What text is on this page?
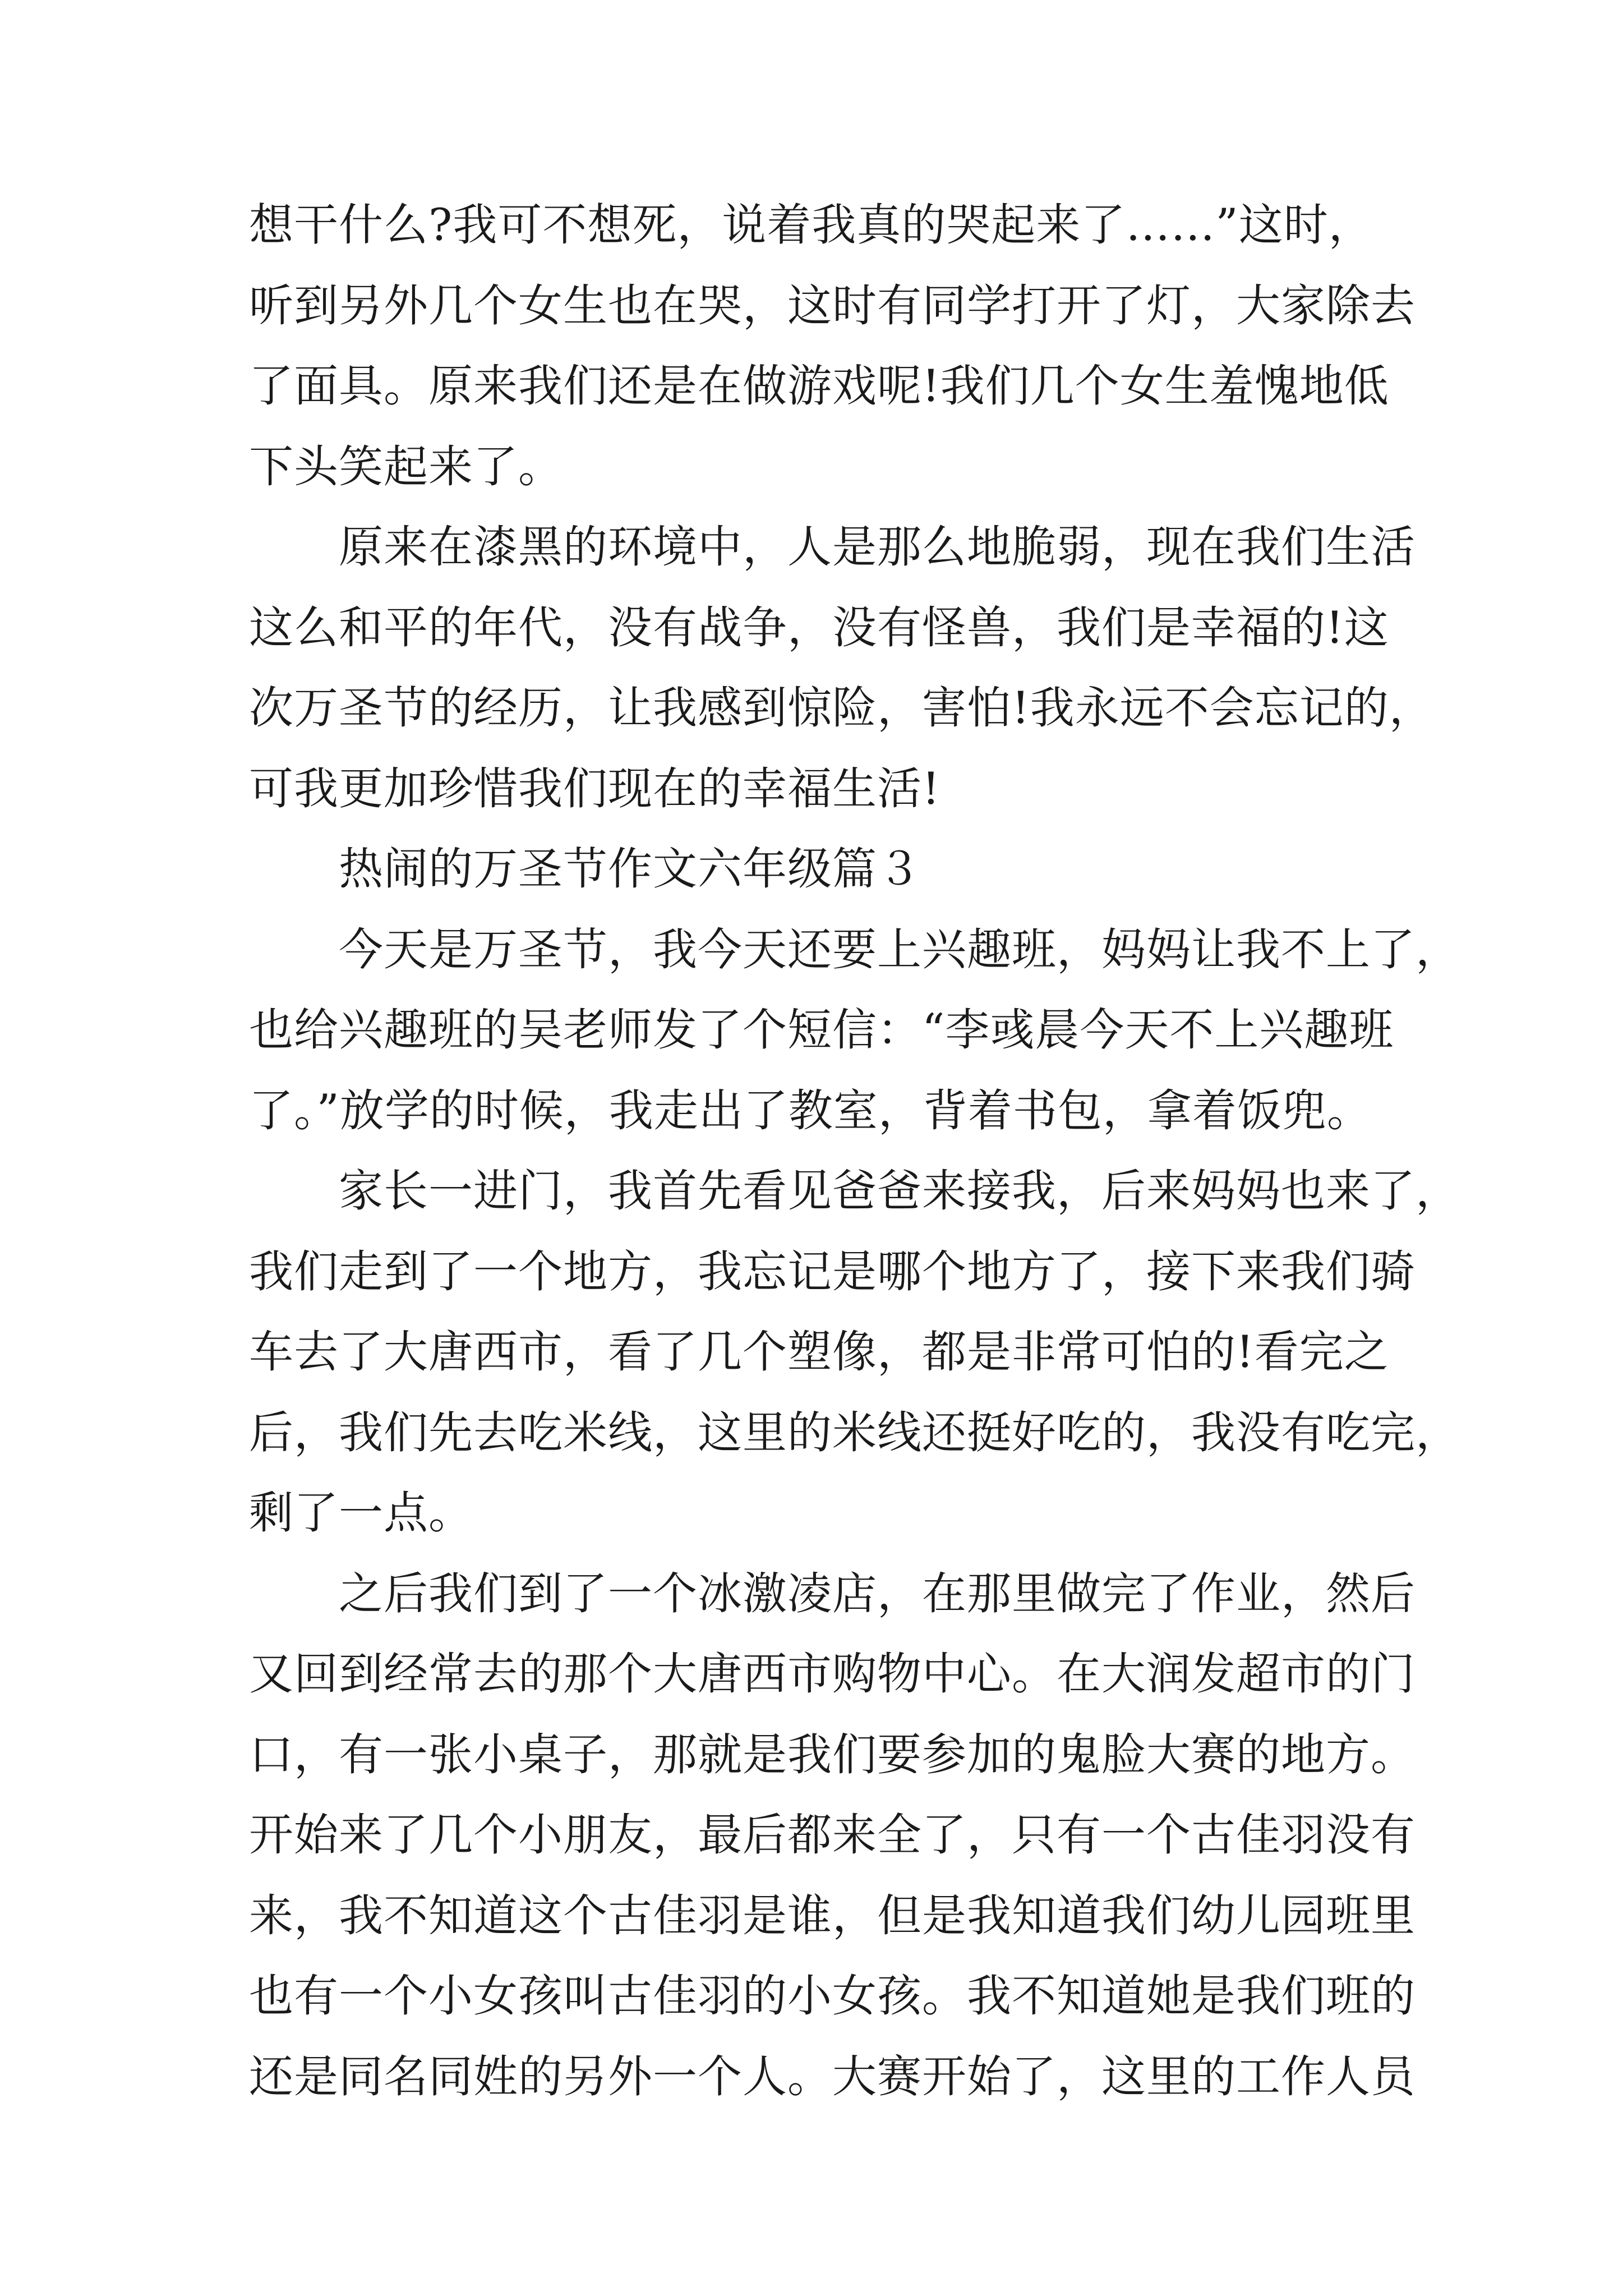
想干什么?我可不想死，说着我真的哭起来了……”这时，
听到另外几个女生也在哭，这时有同学打开了灯，大家除去
了面具。原来我们还是在做游戏呢!我们几个女生羞愧地低
下头笑起来了。
原来在漆黑的环境中，人是那么地脆弱，现在我们生活
这么和平的年代，没有战争，没有怪兽，我们是幸福的!这
次万圣节的经历，让我感到惊险，害怕!我永远不会忘记的，
可我更加珍惜我们现在的幸福生活!
热闹的万圣节作文六年级篇３
今天是万圣节，我今天还要上兴趣班，妈妈让我不上了，
也给兴趣班的吴老师发了个短信：“李彧晨今天不上兴趣班
了。”放学的时候，我走出了教室，背着书包，拿着饭兜。
家长一进门，我首先看见爸爸来接我，后来妈妈也来了，
我们走到了一个地方，我忘记是哪个地方了，接下来我们骑
车去了大唐西市，看了几个塑像，都是非常可怕的!看完之
后，我们先去吃米线，这里的米线还挺好吃的，我没有吃完，
剩了一点。
之后我们到了一个冰激凌店，在那里做完了作业，然后
又回到经常去的那个大唐西市购物中心。在大润发超市的门
口，有一张小桌子，那就是我们要参加的鬼脸大赛的地方。
开始来了几个小朋友，最后都来全了，只有一个古佳羽没有
来，我不知道这个古佳羽是谁，但是我知道我们幼儿园班里
也有一个小女孩叫古佳羽的小女孩。我不知道她是我们班的
还是同名同姓的另外一个人。大赛开始了，这里的工作人员
